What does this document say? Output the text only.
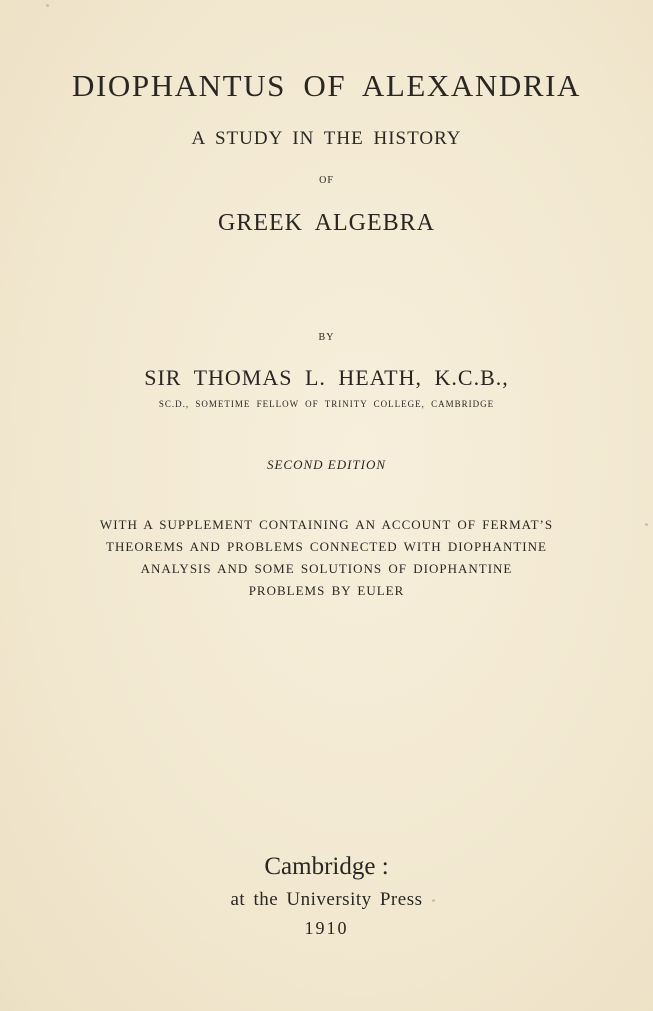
DIOPHANTUS OF ALEXANDRIA
A STUDY IN THE HISTORY
OF
GREEK ALGEBRA
BY
SIR THOMAS L. HEATH, K.C.B.,
SC.D., SOMETIME FELLOW OF TRINITY COLLEGE, CAMBRIDGE
SECOND EDITION
WITH A SUPPLEMENT CONTAINING AN ACCOUNT OF FERMAT’S
THEOREMS AND PROBLEMS CONNECTED WITH DIOPHANTINE
ANALYSIS AND SOME SOLUTIONS OF DIOPHANTINE
PROBLEMS BY EULER
Cambridge :
at the University Press
1910
